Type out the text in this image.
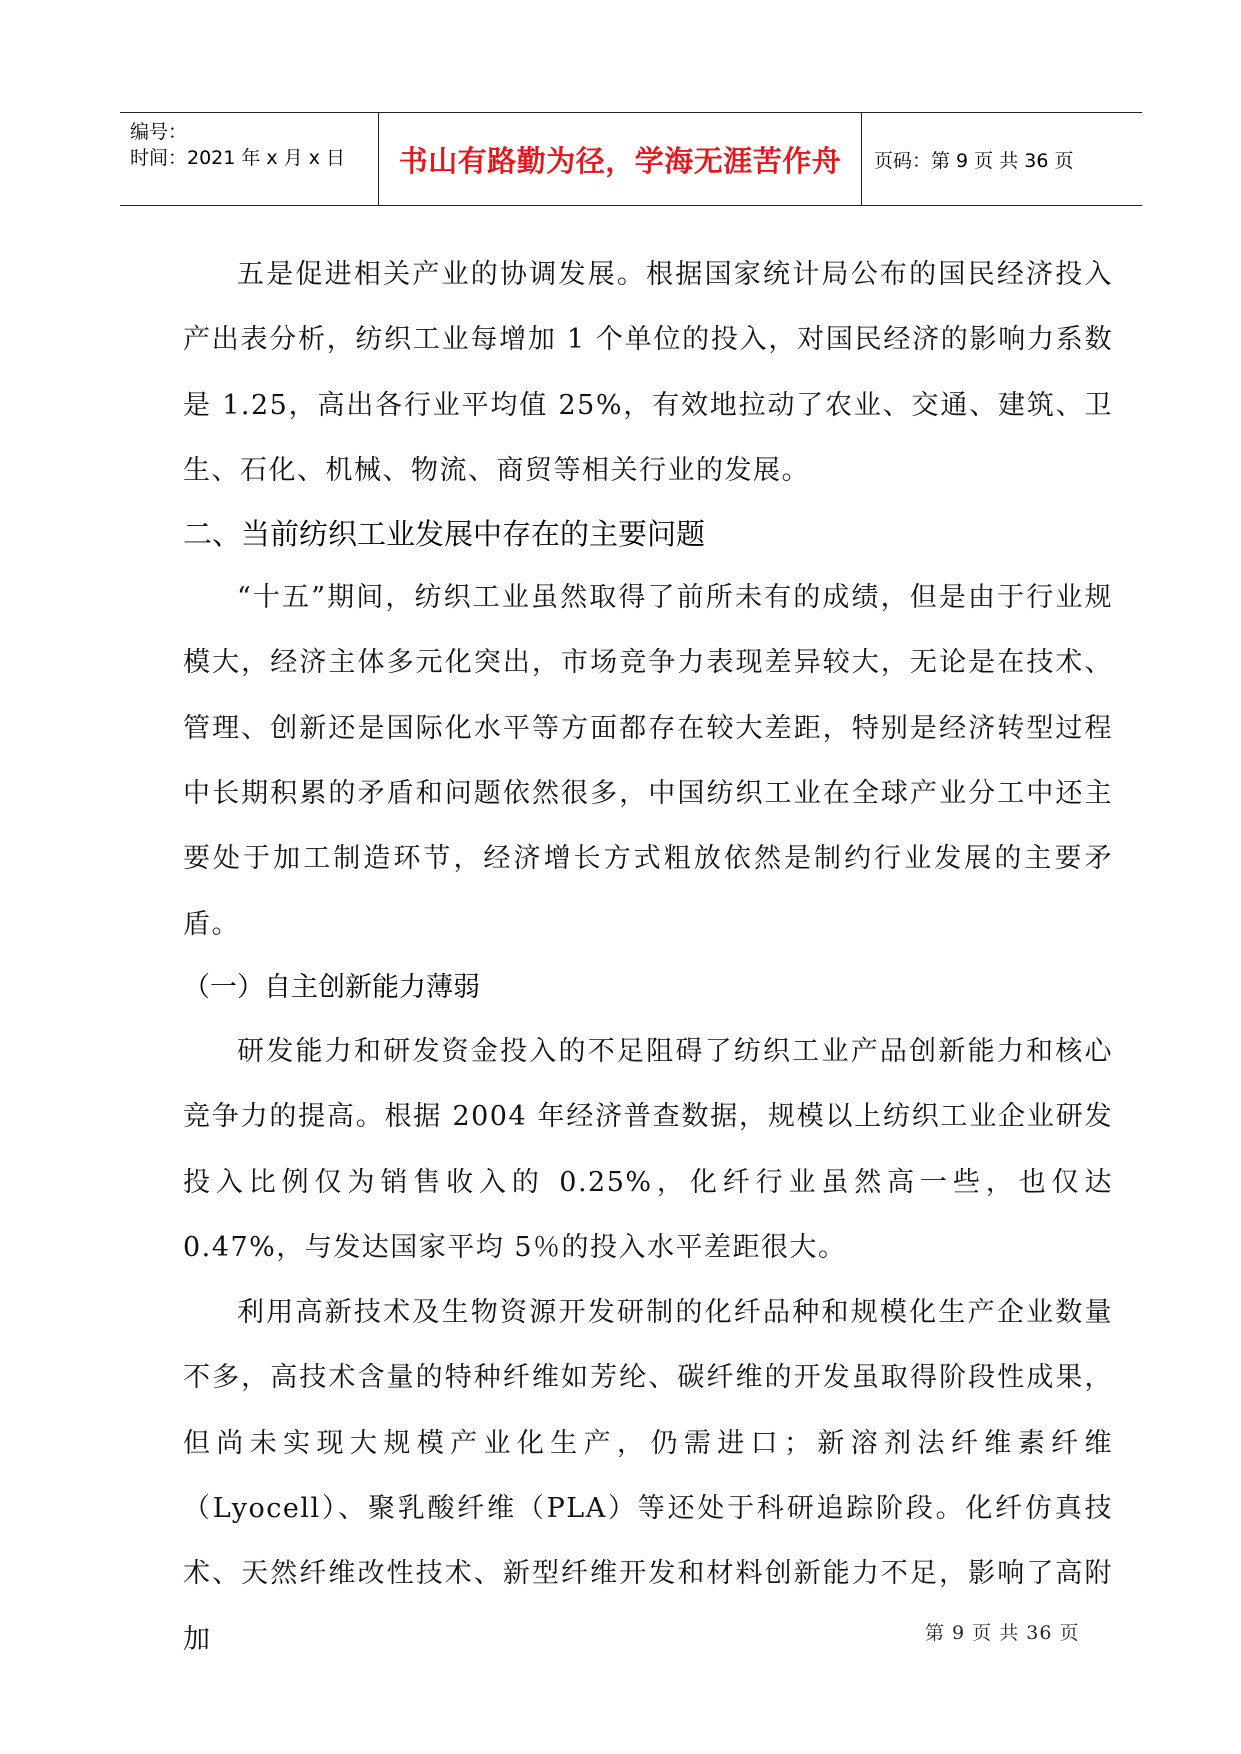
编号：
时间：2021 年 x 月 x 日	书山有路勤为径，学海无涯苦作舟 页码：第 9 页 共 36 页

五是促进相关产业的协调发展。根据国家统计局公布的国民经济投入产出表分析，纺织工业每增加 1 个单位的投入，对国民经济的影响力系数是 1.25，高出各行业平均值 25%，有效地拉动了农业、交通、建筑、卫生、石化、机械、物流、商贸等相关行业的发展。

二、当前纺织工业发展中存在的主要问题

“十五”期间，纺织工业虽然取得了前所未有的成绩，但是由于行业规模大，经济主体多元化突出，市场竞争力表现差异较大，无论是在技术、管理、创新还是国际化水平等方面都存在较大差距，特别是经济转型过程中长期积累的矛盾和问题依然很多，中国纺织工业在全球产业分工中还主要处于加工制造环节，经济增长方式粗放依然是制约行业发展的主要矛盾。

（一）自主创新能力薄弱

研发能力和研发资金投入的不足阻碍了纺织工业产品创新能力和核心竞争力的提高。根据 2004 年经济普查数据，规模以上纺织工业企业研发投入比例仅为销售收入的 0.25%，化纤行业虽然高一些，也仅达 0.47%，与发达国家平均 5％的投入水平差距很大。

利用高新技术及生物资源开发研制的化纤品种和规模化生产企业数量不多，高技术含量的特种纤维如芳纶、碳纤维的开发虽取得阶段性成果，但尚未实现大规模产业化生产，仍需进口；新溶剂法纤维素纤维（Lyocell）、聚乳酸纤维（PLA）等还处于科研追踪阶段。化纤仿真技术、天然纤维改性技术、新型纤维开发和材料创新能力不足，影响了高附加	第 9 页 共 36 页
